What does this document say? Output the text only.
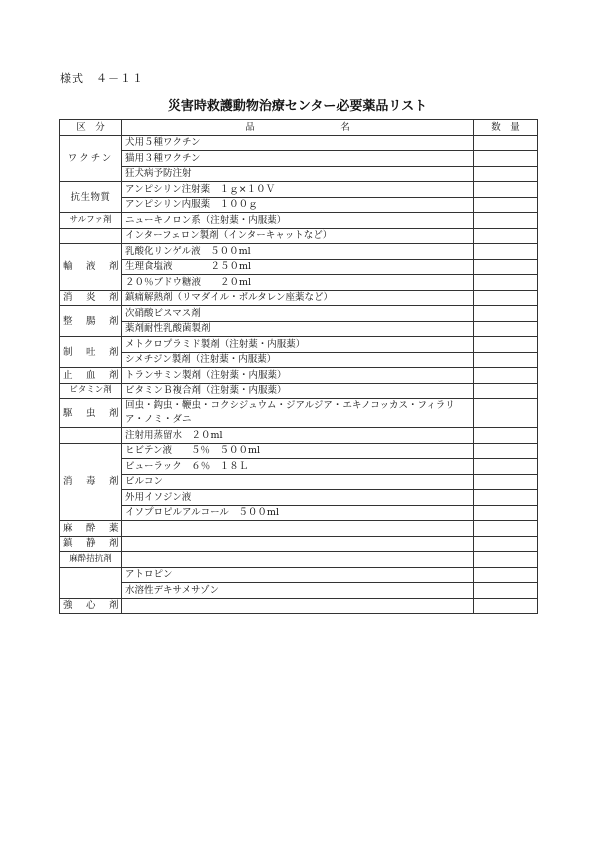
様式　４－１１
災害時救護動物治療センター必要薬品リスト
区　分	品　　　　　　　　　名	数　量
ワクチン	犬用５種ワクチン	
	猫用３種ワクチン	
	狂犬病予防注射	
抗生物質	アンピシリン注射薬　１ｇ×１０Ｖ	
	アンピシリン内服薬　１００ｇ	
サルファ剤	ニューキノロン系（注射薬・内服薬）	
	インターフェロン製剤（インターキャットなど）	
輸　液　剤	乳酸化リンゲル液　５００ml	
	生理食塩液　　　　２５０ml	
	２０％ブドウ糖液　　２０ml	
消　炎　剤	鎮痛解熱剤（リマダイル・ボルタレン座薬など）	
整　腸　剤	次硝酸ビスマス剤	
	薬剤耐性乳酸菌製剤	
制　吐　剤	メトクロプラミド製剤（注射薬・内服薬）	
	シメチジン製剤（注射薬・内服薬）	
止　血　剤	トランサミン製剤（注射薬・内服薬）	
ビタミン剤	ビタミンＢ複合剤（注射薬・内服薬）	
駆　虫　剤	回虫・鈎虫・鞭虫・コクシジュウム・ジアルジア・エキノコッカス・フィラリア・ノミ・ダニ	
	注射用蒸留水　２０ml	
消　毒　剤	ヒビテン液　　５％　５００ml	
	ビューラック　６％　１８Ｌ	
	ビルコン	
	外用イソジン液	
	イソプロピルアルコール　５００ml	
麻　酔　薬		
鎮　静　剤		
麻酔拮抗剤		
	アトロピン	
	水溶性デキサメサゾン	
強　心　剤		
